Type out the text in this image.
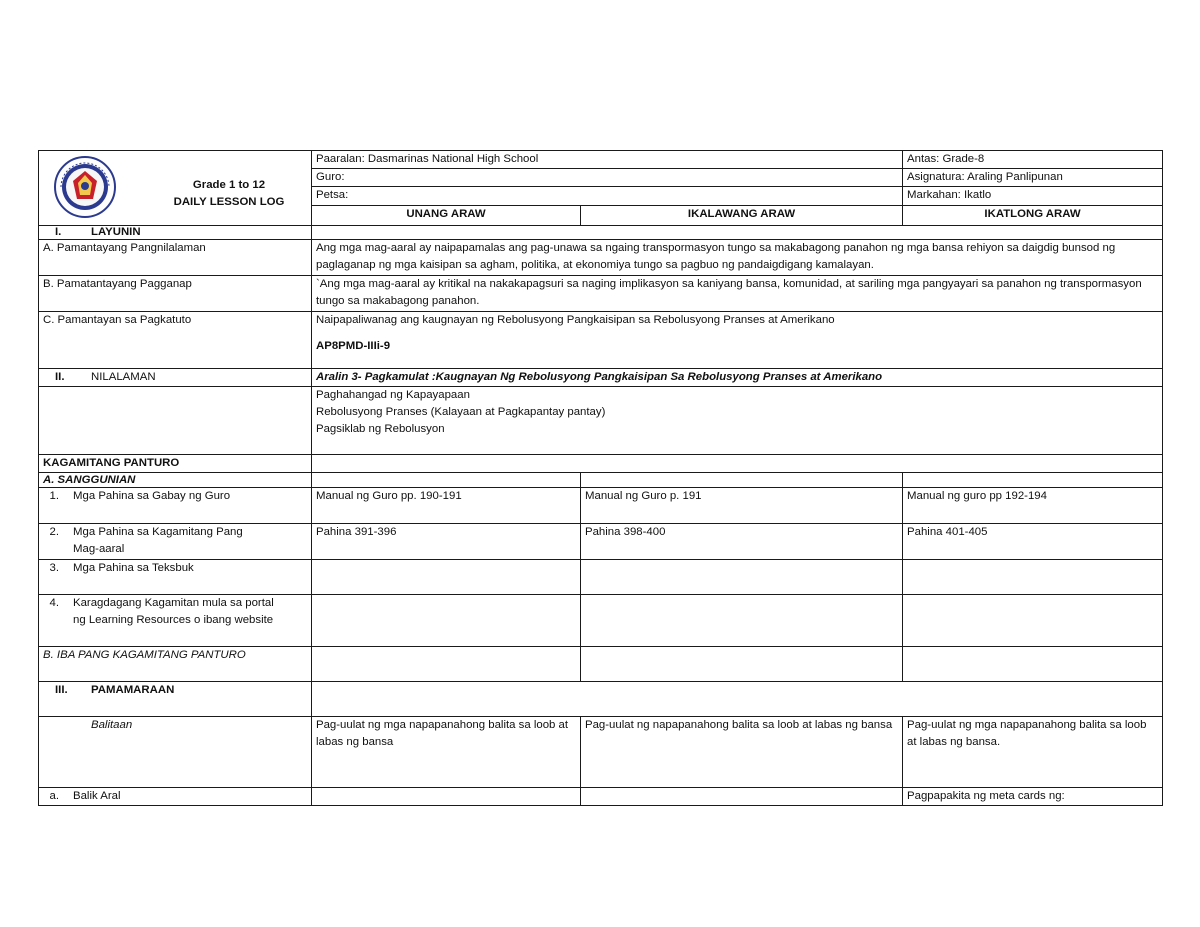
Grade 1 to 12
DAILY LESSON LOG	Paaralan: Dasmarinas National High School		Antas: Grade-8
	Guro:		Asignatura: Araling Panlipunan
	Petsa:		Markahan: Ikatlo
	UNANG ARAW	IKALAWANG ARAW	IKATLONG ARAW
I. LAYUNIN			
A. Pamantayang Pangnilalaman	Ang mga mag-aaral ay naipapamalas ang pag-unawa sa ngaing transpormasyon tungo sa makabagong panahon ng mga bansa rehiyon sa daigdig bunsod ng paglaganap ng mga kaisipan sa agham, politika, at ekonomiya tungo sa pagbuo ng pandaigdigang kamalayan.		
B. Pamatantayang Pagganap	`Ang mga mag-aaral ay kritikal na nakakapagsuri sa naging implikasyon sa kaniyang bansa, komunidad, at sariling mga pangyayari sa panahon ng transpormasyon tungo sa makabagong panahon.		
C. Pamantayan sa Pagkatuto	Naipapaliwanag ang kaugnayan ng Rebolusyong Pangkaisipan sa Rebolusyong Pranses at Amerikano
AP8PMD-IIIi-9		

II. NILALAMAN	Aralin 3- Pagkamulat :Kaugnayan Ng Rebolusyong Pangkaisipan Sa Rebolusyong Pranses at Amerikano		

	Paghahangad ng Kapayapaan
Rebolusyong Pranses (Kalayaan at Pagkapantay pantay)
Pagsiklab ng Rebolusyon		

KAGAMITANG PANTURO			
A. SANGGUNIAN			
1. Mga Pahina sa Gabay ng Guro	Manual ng Guro pp. 190-191	Manual ng Guro p. 191	Manual ng guro pp 192-194

2. Mga Pahina sa Kagamitang Pang Mag-aaral	Pahina 391-396	Pahina 398-400	Pahina 401-405
3. Mga Pahina sa Teksbuk			

4. Karagdagang Kagamitan mula sa portal ng Learning Resources o ibang website			

B. IBA PANG KAGAMITANG PANTURO			
III. PAMAMARAAN			
Balitaan	Pag-uulat ng mga napapanahong balita sa loob at labas ng bansa	Pag-uulat ng napapanahong balita sa loob at labas ng bansa	Pag-uulat ng mga napapanahong balita sa loob at labas ng bansa.
a. Balik Aral			Pagpapakita ng meta cards ng:
